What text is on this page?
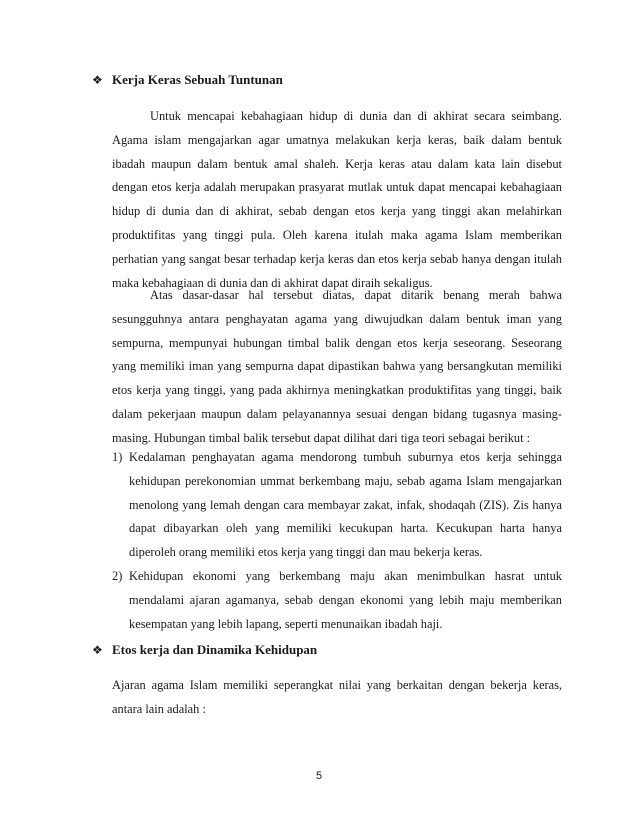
❖ Kerja Keras Sebuah Tuntunan

Untuk mencapai kebahagiaan hidup di dunia dan di akhirat secara seimbang. Agama islam mengajarkan agar umatnya melakukan kerja keras, baik dalam bentuk ibadah maupun dalam bentuk amal shaleh. Kerja keras atau dalam kata lain disebut dengan etos kerja adalah merupakan prasyarat mutlak untuk dapat mencapai kebahagiaan hidup di dunia dan di akhirat, sebab dengan etos kerja yang tinggi akan melahirkan produktifitas yang tinggi pula. Oleh karena itulah maka agama Islam memberikan perhatian yang sangat besar terhadap kerja keras dan etos kerja sebab hanya dengan itulah maka kebahagiaan di dunia dan di akhirat dapat diraih sekaligus.

Atas dasar-dasar hal tersebut diatas, dapat ditarik benang merah bahwa sesungguhnya antara penghayatan agama yang diwujudkan dalam bentuk iman yang sempurna, mempunyai hubungan timbal balik dengan etos kerja seseorang. Seseorang yang memiliki iman yang sempurna dapat dipastikan bahwa yang bersangkutan memiliki etos kerja yang tinggi, yang pada akhirnya meningkatkan produktifitas yang tinggi, baik dalam pekerjaan maupun dalam pelayanannya sesuai dengan bidang tugasnya masing-masing. Hubungan timbal balik tersebut dapat dilihat dari tiga teori sebagai berikut :

1) Kedalaman penghayatan agama mendorong tumbuh suburnya etos kerja sehingga kehidupan perekonomian ummat berkembang maju, sebab agama Islam mengajarkan menolong yang lemah dengan cara membayar zakat, infak, shodaqah (ZIS). Zis hanya dapat dibayarkan oleh yang memiliki kecukupan harta. Kecukupan harta hanya diperoleh orang memiliki etos kerja yang tinggi dan mau bekerja keras.
2) Kehidupan ekonomi yang berkembang maju akan menimbulkan hasrat untuk mendalami ajaran agamanya, sebab dengan ekonomi yang lebih maju memberikan kesempatan yang lebih lapang, seperti menunaikan ibadah haji.
❖ Etos kerja dan Dinamika Kehidupan

Ajaran agama Islam memiliki seperangkat nilai yang berkaitan dengan bekerja keras, antara lain adalah :

5
